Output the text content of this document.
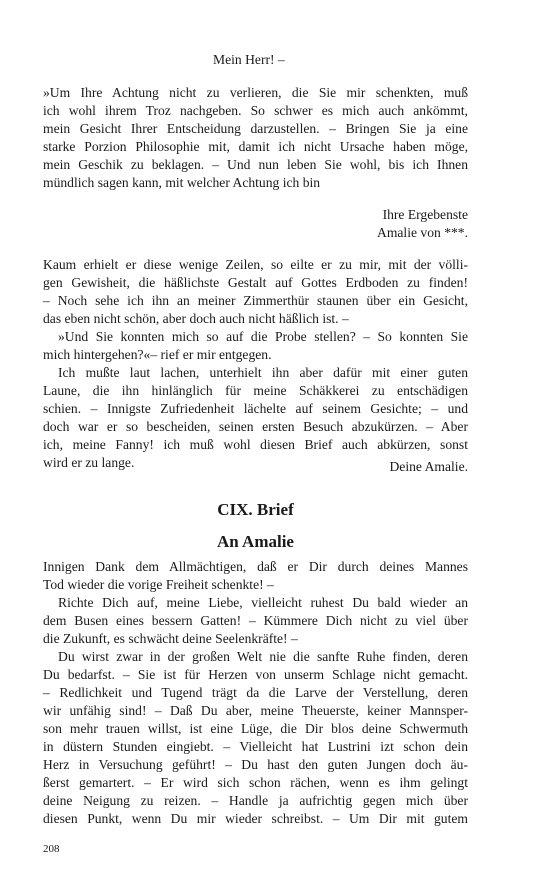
Mein Herr! –
»Um Ihre Achtung nicht zu verlieren, die Sie mir schenkten, muß
ich wohl ihrem Troz nachgeben. So schwer es mich auch ankömmt,
mein Gesicht Ihrer Entscheidung darzustellen. – Bringen Sie ja eine
starke Porzion Philosophie mit, damit ich nicht Ursache haben möge,
mein Geschik zu beklagen. – Und nun leben Sie wohl, bis ich Ihnen
mündlich sagen kann, mit welcher Achtung ich bin
Ihre Ergebenste
Amalie von ***.
Kaum erhielt er diese wenige Zeilen, so eilte er zu mir, mit der völli-
gen Gewisheit, die häßlichste Gestalt auf Gottes Erdboden zu finden!
– Noch sehe ich ihn an meiner Zimmerthür staunen über ein Gesicht,
das eben nicht schön, aber doch auch nicht häßlich ist. –
»Und Sie konnten mich so auf die Probe stellen? – So konnten Sie
mich hintergehen?«– rief er mir entgegen.
Ich mußte laut lachen, unterhielt ihn aber dafür mit einer guten
Laune, die ihn hinlänglich für meine Schäkkerei zu entschädigen
schien. – Innigste Zufriedenheit lächelte auf seinem Gesichte; – und
doch war er so bescheiden, seinen ersten Besuch abzukürzen. – Aber
ich, meine Fanny! ich muß wohl diesen Brief auch abkürzen, sonst
wird er zu lange.	Deine Amalie.
CIX. Brief
An Amalie
Innigen Dank dem Allmächtigen, daß er Dir durch deines Mannes
Tod wieder die vorige Freiheit schenkte! –
Richte Dich auf, meine Liebe, vielleicht ruhest Du bald wieder an
dem Busen eines bessern Gatten! – Kümmere Dich nicht zu viel über
die Zukunft, es schwächt deine Seelenkräfte! –
Du wirst zwar in der großen Welt nie die sanfte Ruhe finden, deren
Du bedarfst. – Sie ist für Herzen von unserm Schlage nicht gemacht.
– Redlichkeit und Tugend trägt da die Larve der Verstellung, deren
wir unfähig sind! – Daß Du aber, meine Theuerste, keiner Mannsper-
son mehr trauen willst, ist eine Lüge, die Dir blos deine Schwermuth
in düstern Stunden eingiebt. – Vielleicht hat Lustrini izt schon dein
Herz in Versuchung geführt! – Du hast den guten Jungen doch äu-
ßerst gemartert. – Er wird sich schon rächen, wenn es ihm gelingt
deine Neigung zu reizen. – Handle ja aufrichtig gegen mich über
diesen Punkt, wenn Du mir wieder schreibst. – Um Dir mit gutem
208
